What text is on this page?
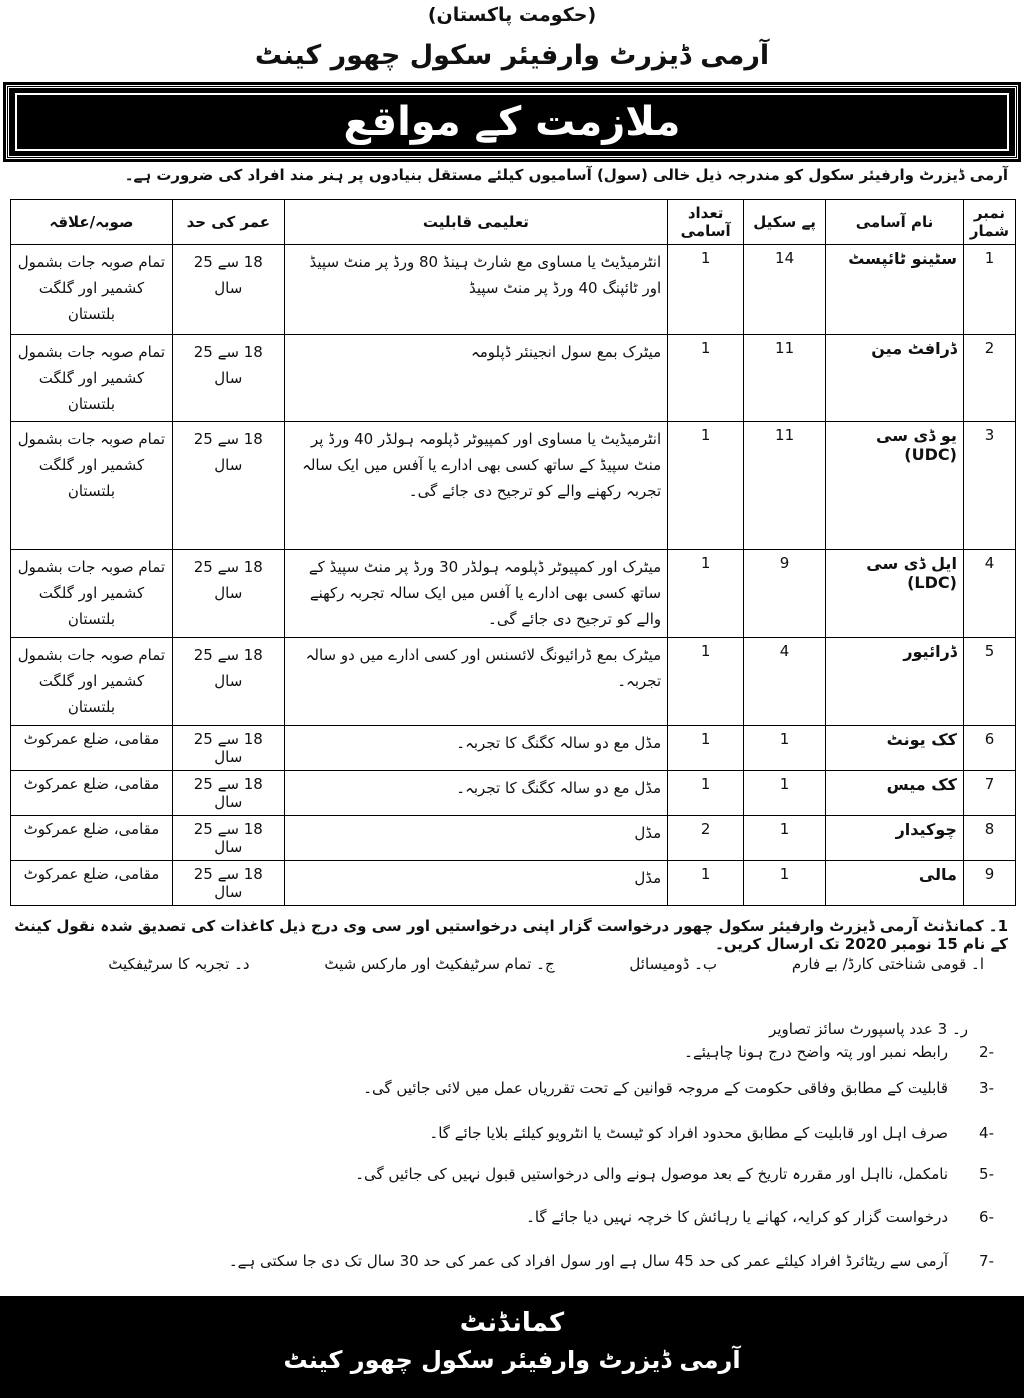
(حکومت پاکستان)
آرمی ڈیزرٹ وارفیئر سکول چھور کینٹ
ملازمت کے مواقع
آرمی ڈیزرٹ وارفیئر سکول کو مندرجہ ذیل خالی (سول) آسامیوں کیلئے مستقل بنیادوں پر ہنر مند افراد کی ضرورت ہے۔
نمبر شمار	نام آسامی	پے سکیل	تعداد آسامی	تعلیمی قابلیت	عمر کی حد	صوبہ/علاقہ
1	سٹینو ٹائپسٹ	14	1	انٹرمیڈیٹ یا مساوی مع شارٹ ہینڈ 80 ورڈ پر منٹ سپیڈ اور ٹائپنگ 40 ورڈ پر منٹ سپیڈ	18 سے 25 سال	تمام صوبہ جات بشمول کشمیر اور گلگت بلتستان
2	ڈرافٹ مین	11	1	میٹرک بمع سول انجینئر ڈپلومہ	18 سے 25 سال	تمام صوبہ جات بشمول کشمیر اور گلگت بلتستان
3	یو ڈی سی (UDC)	11	1	انٹرمیڈیٹ یا مساوی اور کمپیوٹر ڈپلومہ ہولڈر 40 ورڈ پر منٹ سپیڈ کے ساتھ کسی بھی ادارے یا آفس میں ایک سالہ تجربہ رکھنے والے کو ترجیح دی جائے گی۔	18 سے 25 سال	تمام صوبہ جات بشمول کشمیر اور گلگت بلتستان
4	ایل ڈی سی (LDC)	9	1	میٹرک اور کمپیوٹر ڈپلومہ ہولڈر 30 ورڈ پر منٹ سپیڈ کے ساتھ کسی بھی ادارے یا آفس میں ایک سالہ تجربہ رکھنے والے کو ترجیح دی جائے گی۔	18 سے 25 سال	تمام صوبہ جات بشمول کشمیر اور گلگت بلتستان
5	ڈرائیور	4	1	میٹرک بمع ڈرائیونگ لائسنس اور کسی ادارے میں دو سالہ تجربہ۔	18 سے 25 سال	تمام صوبہ جات بشمول کشمیر اور گلگت بلتستان
6	کک یونٹ	1	1	مڈل مع دو سالہ کگنگ کا تجربہ۔	18 سے 25 سال	مقامی، ضلع عمرکوٹ
7	کک میس	1	1	مڈل مع دو سالہ کگنگ کا تجربہ۔	18 سے 25 سال	مقامی، ضلع عمرکوٹ
8	چوکیدار	1	2	مڈل	18 سے 25 سال	مقامی، ضلع عمرکوٹ
9	مالی	1	1	مڈل	18 سے 25 سال	مقامی، ضلع عمرکوٹ
1۔ کمانڈنٹ آرمی ڈیزرٹ وارفیئر سکول چھور درخواست گزار اپنی درخواستیں اور سی وی درج ذیل کاغذات کی تصدیق شدہ نقول کینٹ کے نام 15 نومبر 2020 تک ارسال کریں۔
ا۔ قومی شناختی کارڈ/ بے فارم ب۔ ڈومیسائل ج۔ تمام سرٹیفکیٹ اور مارکس شیٹ د۔ تجربہ کا سرٹیفکیٹ
ر۔ 3 عدد پاسپورٹ سائز تصاویر
-2رابطہ نمبر اور پتہ واضح درج ہونا چاہیئے۔
-3قابلیت کے مطابق وفاقی حکومت کے مروجہ قوانین کے تحت تقرریاں عمل میں لائی جائیں گی۔
-4صرف اہل اور قابلیت کے مطابق محدود افراد کو ٹیسٹ یا انٹرویو کیلئے بلایا جائے گا۔
-5نامکمل، نااہل اور مقررہ تاریخ کے بعد موصول ہونے والی درخواستیں قبول نہیں کی جائیں گی۔
-6درخواست گزار کو کرایہ، کھانے یا رہائش کا خرچہ نہیں دیا جائے گا۔
-7آرمی سے ریٹائرڈ افراد کیلئے عمر کی حد 45 سال ہے اور سول افراد کی عمر کی حد 30 سال تک دی جا سکتی ہے۔
کمانڈنٹ
آرمی ڈیزرٹ وارفیئر سکول چھور کینٹ
